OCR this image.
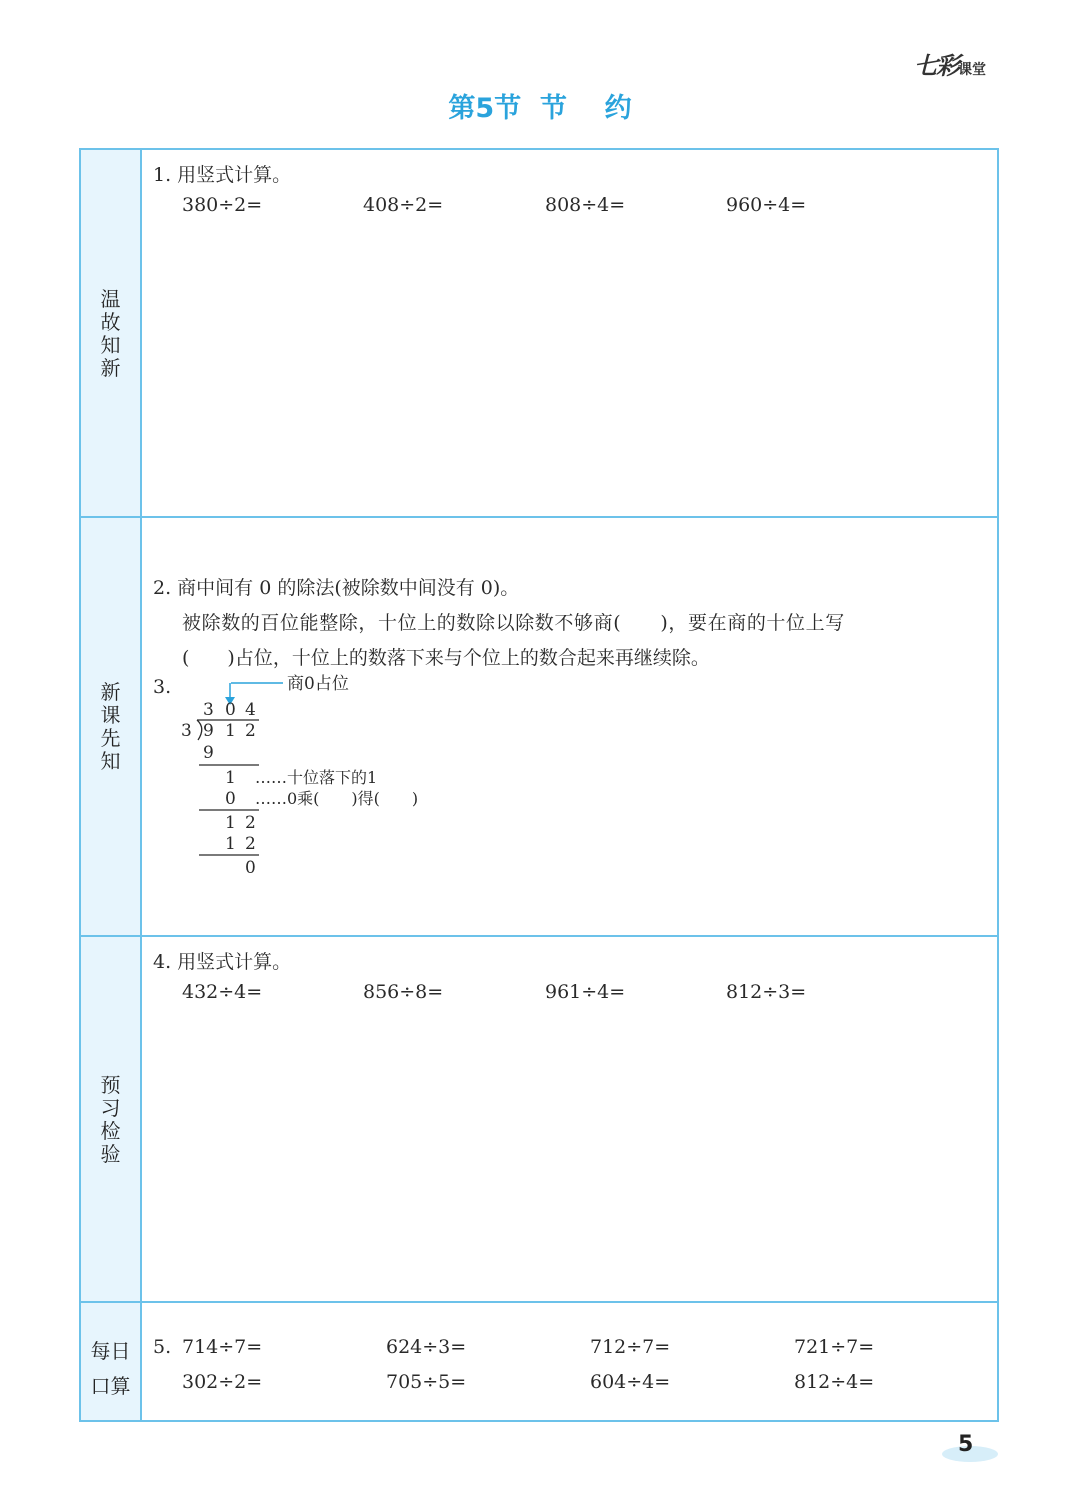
七彩课堂
第5节  节    约
温
故
知
新
1. 用竖式计算。
380÷2=	408÷2=	808÷4=	960÷4=
新
课
先
知
2. 商中间有 0 的除法(被除数中间没有 0)。
被除数的百位能整除，十位上的数除以除数不够商(　　)，要在商的十位上写
(　　)占位，十位上的数落下来与个位上的数合起来再继续除。
3.	商0占位
3 0 4
3 9 1 2
9
1 ……十位落下的1
0 ……0乘(　　)得(　　)
1 2
1 2
0
预
习
检
验
4. 用竖式计算。
432÷4=	856÷8=	961÷4=	812÷3=
每日
口算
5. 714÷7=	624÷3=	712÷7=	721÷7=
302÷2=	705÷5=	604÷4=	812÷4=
5
